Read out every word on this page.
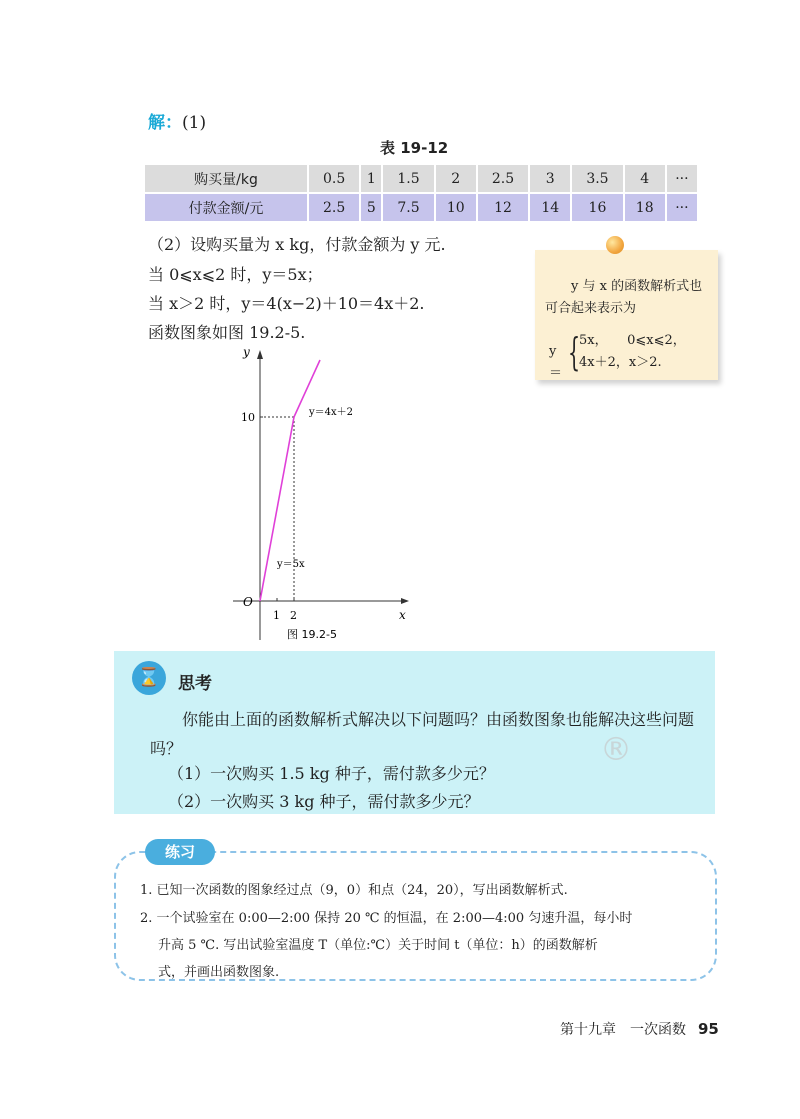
解：(1)
表 19-12
购买量/kg	0.5	1	1.5	2	2.5	3	3.5	4	···
付款金额/元	2.5	5	7.5	10	12	14	16	18	···
（2）设购买量为 x kg，付款金额为 y 元.
当 0⩽x⩽2 时，y＝5x；
当 x＞2 时，y＝4(x−2)＋10＝4x＋2.
函数图象如图 19.2-5.
y 与 x 的函数解析式也可合起来表示为
y＝ {
5x，　　0⩽x⩽2，
4x＋2，x＞2.
y
x
O
10
1 2
y＝4x＋2
y＝5x
图 19.2-5
⌛	思考
你能由上面的函数解析式解决以下问题吗？由函数图象也能解决这些问题吗？
（1）一次购买 1.5 kg 种子，需付款多少元？
（2）一次购买 3 kg 种子，需付款多少元？
®
练习
1. 已知一次函数的图象经过点（9，0）和点（24，20），写出函数解析式.
2. 一个试验室在 0:00—2:00 保持 20 ℃ 的恒温，在 2:00—4:00 匀速升温，每小时
升高 5 ℃. 写出试验室温度 T（单位:℃）关于时间 t（单位：h）的函数解析
式，并画出函数图象.
第十九章　一次函数 95
